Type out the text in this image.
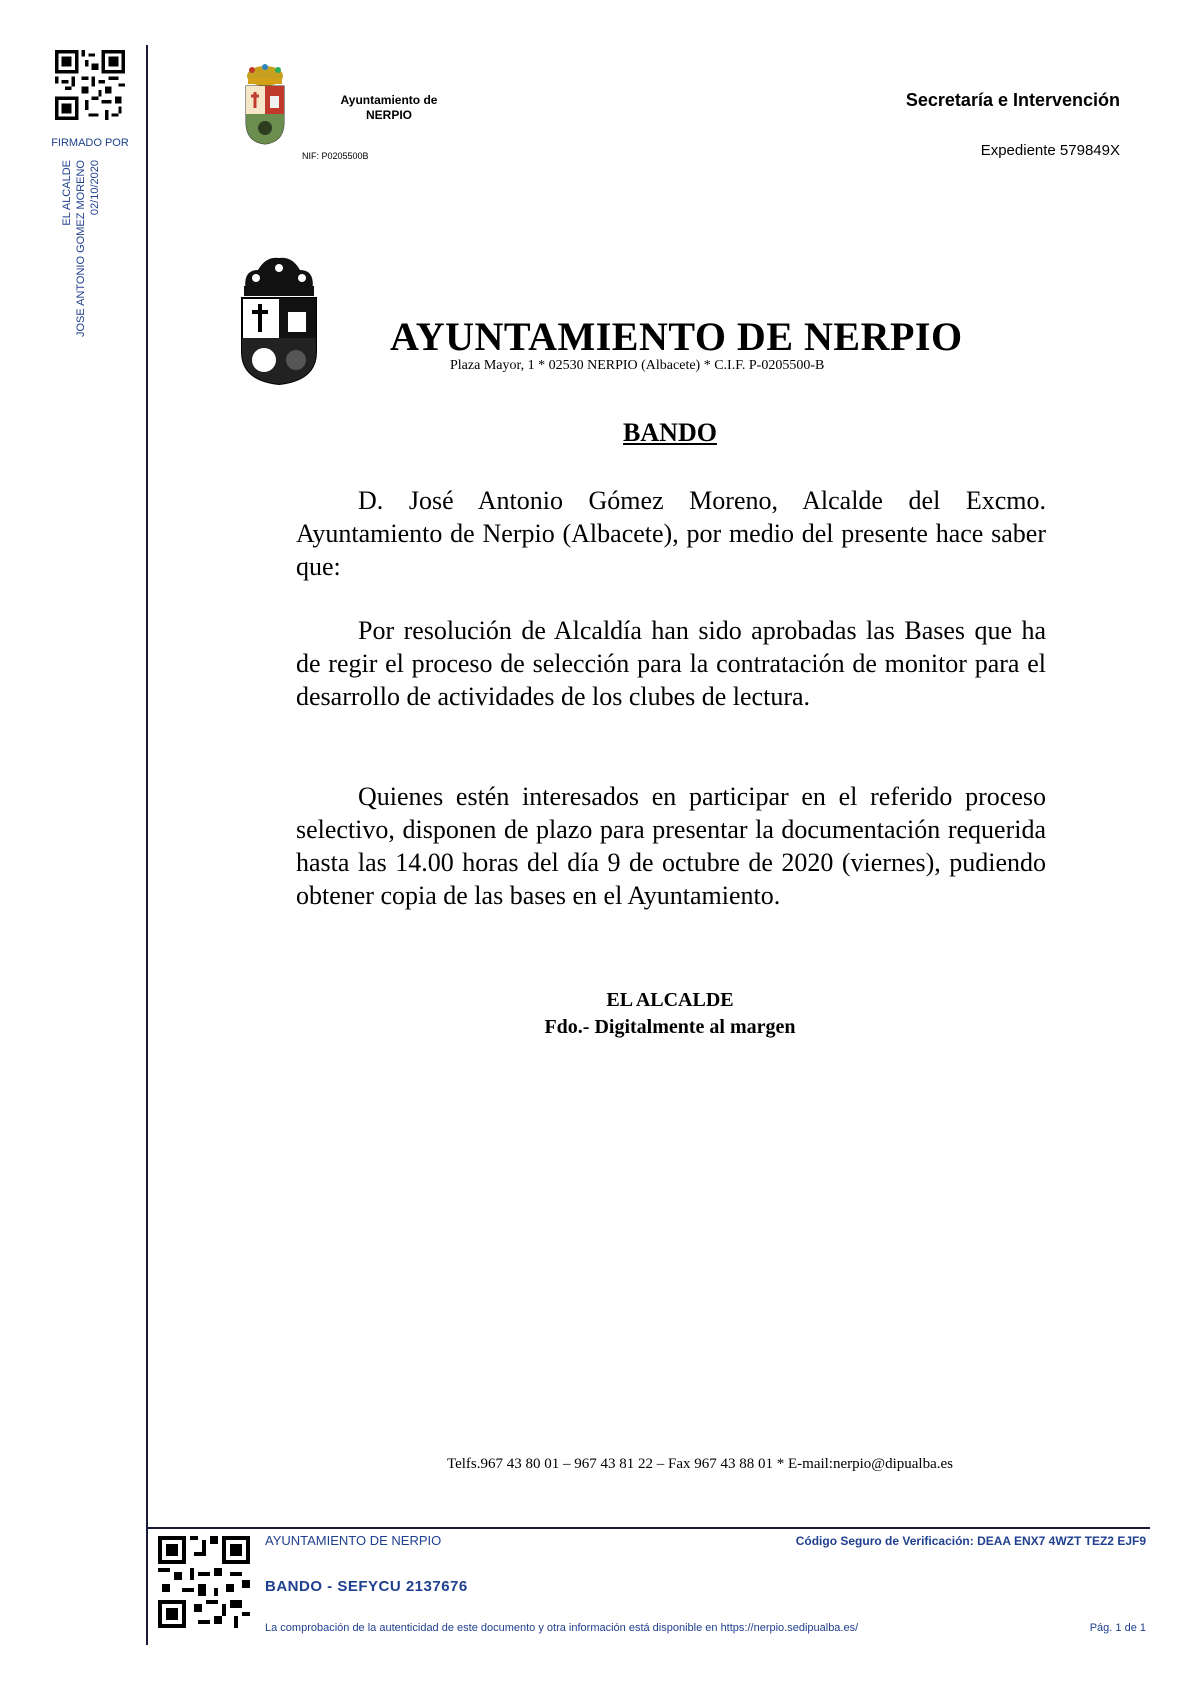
FIRMADO POR
EL ALCALDE JOSE ANTONIO GOMEZ MORENO 02/10/2020
Ayuntamiento de
NERPIO
NIF: P0205500B
Secretaría e Intervención
Expediente 579849X
AYUNTAMIENTO DE NERPIO
Plaza Mayor, 1 * 02530 NERPIO (Albacete) * C.I.F. P-0205500-B
BANDO
D. José Antonio Gómez Moreno, Alcalde del Excmo. Ayuntamiento de Nerpio (Albacete), por medio del presente hace saber que:
Por resolución de Alcaldía han sido aprobadas las Bases que ha de regir el proceso de selección para la contratación de monitor para el desarrollo de actividades de los clubes de lectura.
Quienes estén interesados en participar en el referido proceso selectivo, disponen de plazo para presentar la documentación requerida hasta las 14.00 horas del día 9 de octubre de 2020 (viernes), pudiendo obtener copia de las bases en el Ayuntamiento.
EL ALCALDE
Fdo.- Digitalmente al margen
Telfs.967 43 80 01 – 967 43 81 22 – Fax 967 43 88 01 * E-mail:nerpio@dipualba.es
AYUNTAMIENTO DE NERPIO	Código Seguro de Verificación: DEAA ENX7 4WZT TEZ2 EJF9
BANDO - SEFYCU 2137676
La comprobación de la autenticidad de este documento y otra información está disponible en https://nerpio.sedipualba.es/	Pág. 1 de 1
